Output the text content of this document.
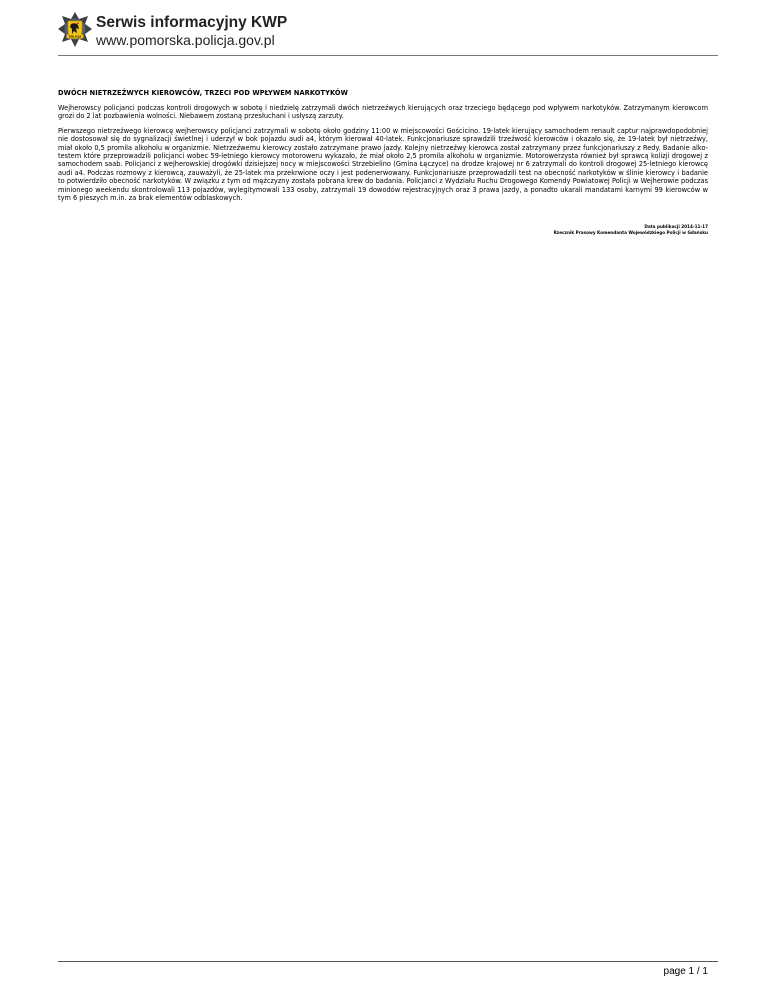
POLICJA
Serwis informacyjny KWP
www.pomorska.policja.gov.pl
DWÓCH NIETRZEŹWYCH KIEROWCÓW, TRZECI POD WPŁYWEM NARKOTYKÓW

Wejherowscy policjanci podczas kontroli drogowych w sobotę i niedzielę zatrzymali dwóch nietrzeźwych kierujących oraz trzeciego będącego pod wpływem narkotyków. Zatrzymanym kierowcom grozi do 2 lat pozbawienia wolności. Niebawem zostaną przesłuchani i usłyszą zarzuty.

Pierwszego nietrzeźwego kierowcę wejherowscy policjanci zatrzymali w sobotę około godziny 11:00 w miejscowości Gościcino. 19-latek kierujący samochodem renault captur najprawdopodobniej nie dostosował się do sygnalizacji świetlnej i uderzył w bok pojazdu audi a4, którym kierował 40-latek. Funkcjonariusze sprawdzili trzeźwość kierowców i okazało się, że 19-latek był nietrzeźwy, miał około 0,5 promila alkoholu w organizmie. Nietrzeźwemu kierowcy zostało zatrzymane prawo jazdy. Kolejny nietrzeźwy kierowca został zatrzymany przez funkcjonariuszy z Redy. Badanie alko-testem które przeprowadzili policjanci wobec 59-letniego kierowcy motoroweru wykazało, że miał około 2,5 promila alkoholu w organizmie. Motorowerzysta również był sprawcą kolizji drogowej z samochodem saab. Policjanci z wejherowskiej drogówki dzisiejszej nocy w miejscowości Strzebielino (Gmina Łęczyce) na drodze krajowej nr 6 zatrzymali do kontroli drogowej 25-letniego kierowcę audi a4. Podczas rozmowy z kierowcą, zauważyli, że 25-latek ma przekrwione oczy i jest podenerwowany. Funkcjonariusze przeprowadzili test na obecność narkotyków w ślinie kierowcy i badanie to potwierdziło obecność narkotyków. W związku z tym od mężczyzny została pobrana krew do badania. Policjanci z Wydziału Ruchu Drogowego Komendy Powiatowej Policji w Wejherowie podczas minionego weekendu skontrolowali 113 pojazdów, wylegitymowali 133 osoby, zatrzymali 19 dowodów rejestracyjnych oraz 3 prawa jazdy, a ponadto ukarali mandatami karnymi 99 kierowców w tym 6 pieszych m.in. za brak elementów odblaskowych.

Data publikacji 2014-11-17
Rzecznik Prasowy Komendanta Wojewódzkiego Policji w Gdańsku
page 1 / 1
